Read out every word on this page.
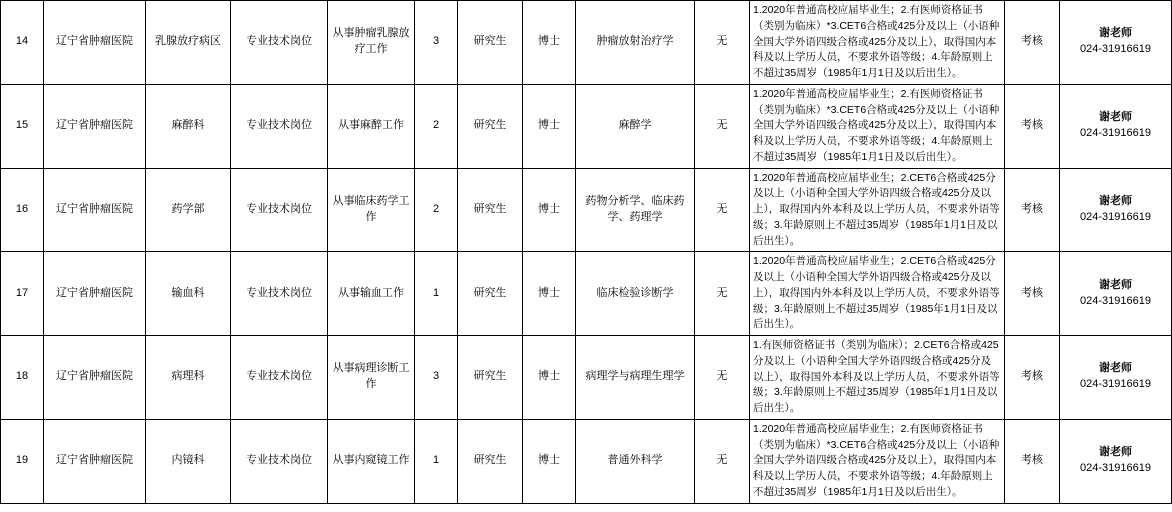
14	辽宁省肿瘤医院	乳腺放疗病区	专业技术岗位	从事肿瘤乳腺放疗工作	3	研究生	博士	肿瘤放射治疗学	无	1.2020年普通高校应届毕业生；2.有医师资格证书（类别为临床）*3.CET6合格或425分及以上（小语种全国大学外语四级合格或425分及以上），取得国内本科及以上学历人员，不要求外语等级；4.年龄原则上不超过35周岁（1985年1月1日及以后出生）。	考核	谢老师
024-31916619

15	辽宁省肿瘤医院	麻醉科	专业技术岗位	从事麻醉工作	2	研究生	博士	麻醉学	无	1.2020年普通高校应届毕业生；2.有医师资格证书（类别为临床）*3.CET6合格或425分及以上（小语种全国大学外语四级合格或425分及以上），取得国内本科及以上学历人员，不要求外语等级；4.年龄原则上不超过35周岁（1985年1月1日及以后出生）。	考核	谢老师
024-31916619

16	辽宁省肿瘤医院	药学部	专业技术岗位	从事临床药学工作	2	研究生	博士	药物分析学、临床药学、药理学	无	1.2020年普通高校应届毕业生；2.CET6合格或425分及以上（小语种全国大学外语四级合格或425分及以上），取得国内外本科及以上学历人员，不要求外语等级；3.年龄原则上不超过35周岁（1985年1月1日及以后出生）。	考核	谢老师
024-31916619

17	辽宁省肿瘤医院	输血科	专业技术岗位	从事输血工作	1	研究生	博士	临床检验诊断学	无	1.2020年普通高校应届毕业生；2.CET6合格或425分及以上（小语种全国大学外语四级合格或425分及以上），取得国内外本科及以上学历人员，不要求外语等级；3.年龄原则上不超过35周岁（1985年1月1日及以后出生）。	考核	谢老师
024-31916619

18	辽宁省肿瘤医院	病理科	专业技术岗位	从事病理诊断工作	3	研究生	博士	病理学与病理生理学	无	1.有医师资格证书（类别为临床）；2.CET6合格或425分及以上（小语种全国大学外语四级合格或425分及以上），取得国外本科及以上学历人员，不要求外语等级；3.年龄原则上不超过35周岁（1985年1月1日及以后出生）。	考核	谢老师
024-31916619

19	辽宁省肿瘤医院	内镜科	专业技术岗位	从事内窥镜工作	1	研究生	博士	普通外科学	无	1.2020年普通高校应届毕业生；2.有医师资格证书（类别为临床）*3.CET6合格或425分及以上（小语种全国大学外语四级合格或425分及以上），取得国内本科及以上学历人员，不要求外语等级；4.年龄原则上不超过35周岁（1985年1月1日及以后出生）。	考核	谢老师
024-31916619
